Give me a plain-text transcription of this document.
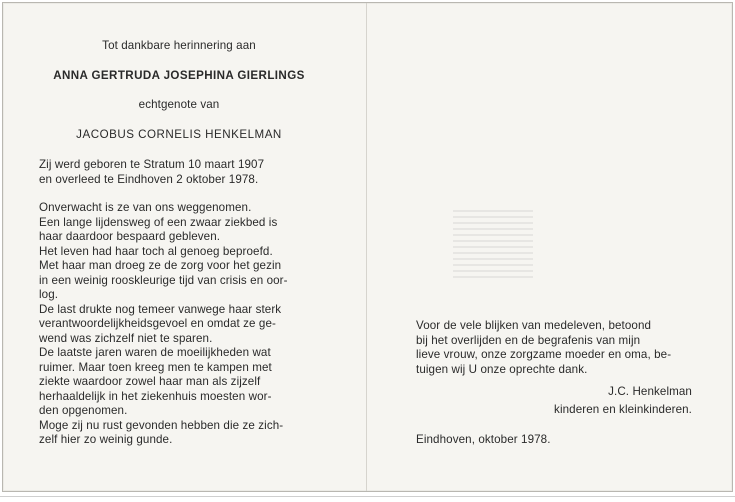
Tot dankbare herinnering aan

ANNA GERTRUDA JOSEPHINA GIERLINGS

echtgenote van

JACOBUS CORNELIS HENKELMAN

Zij werd geboren te Stratum 10 maart 1907
en overleed te Eindhoven 2 oktober 1978.

Onverwacht is ze van ons weggenomen.

Een lange lijdensweg of een zwaar ziekbed is

haar daardoor bespaard gebleven.

Het leven had haar toch al genoeg beproefd.

Met haar man droeg ze de zorg voor het gezin

in een weinig rooskleurige tijd van crisis en oor-

log.

De last drukte nog temeer vanwege haar sterk

verantwoordelijkheidsgevoel en omdat ze ge-

wend was zichzelf niet te sparen.

De laatste jaren waren de moeilijkheden wat

ruimer. Maar toen kreeg men te kampen met

ziekte waardoor zowel haar man als zijzelf

herhaaldelijk in het ziekenhuis moesten wor-

den opgenomen.

Moge zij nu rust gevonden hebben die ze zich-

zelf hier zo weinig gunde.

Voor de vele blijken van medeleven, betoond
bij het overlijden en de begrafenis van mijn
lieve vrouw, onze zorgzame moeder en oma, be-
tuigen wij U onze oprechte dank.

J.C. Henkelman

kinderen en kleinkinderen.

Eindhoven, oktober 1978.
